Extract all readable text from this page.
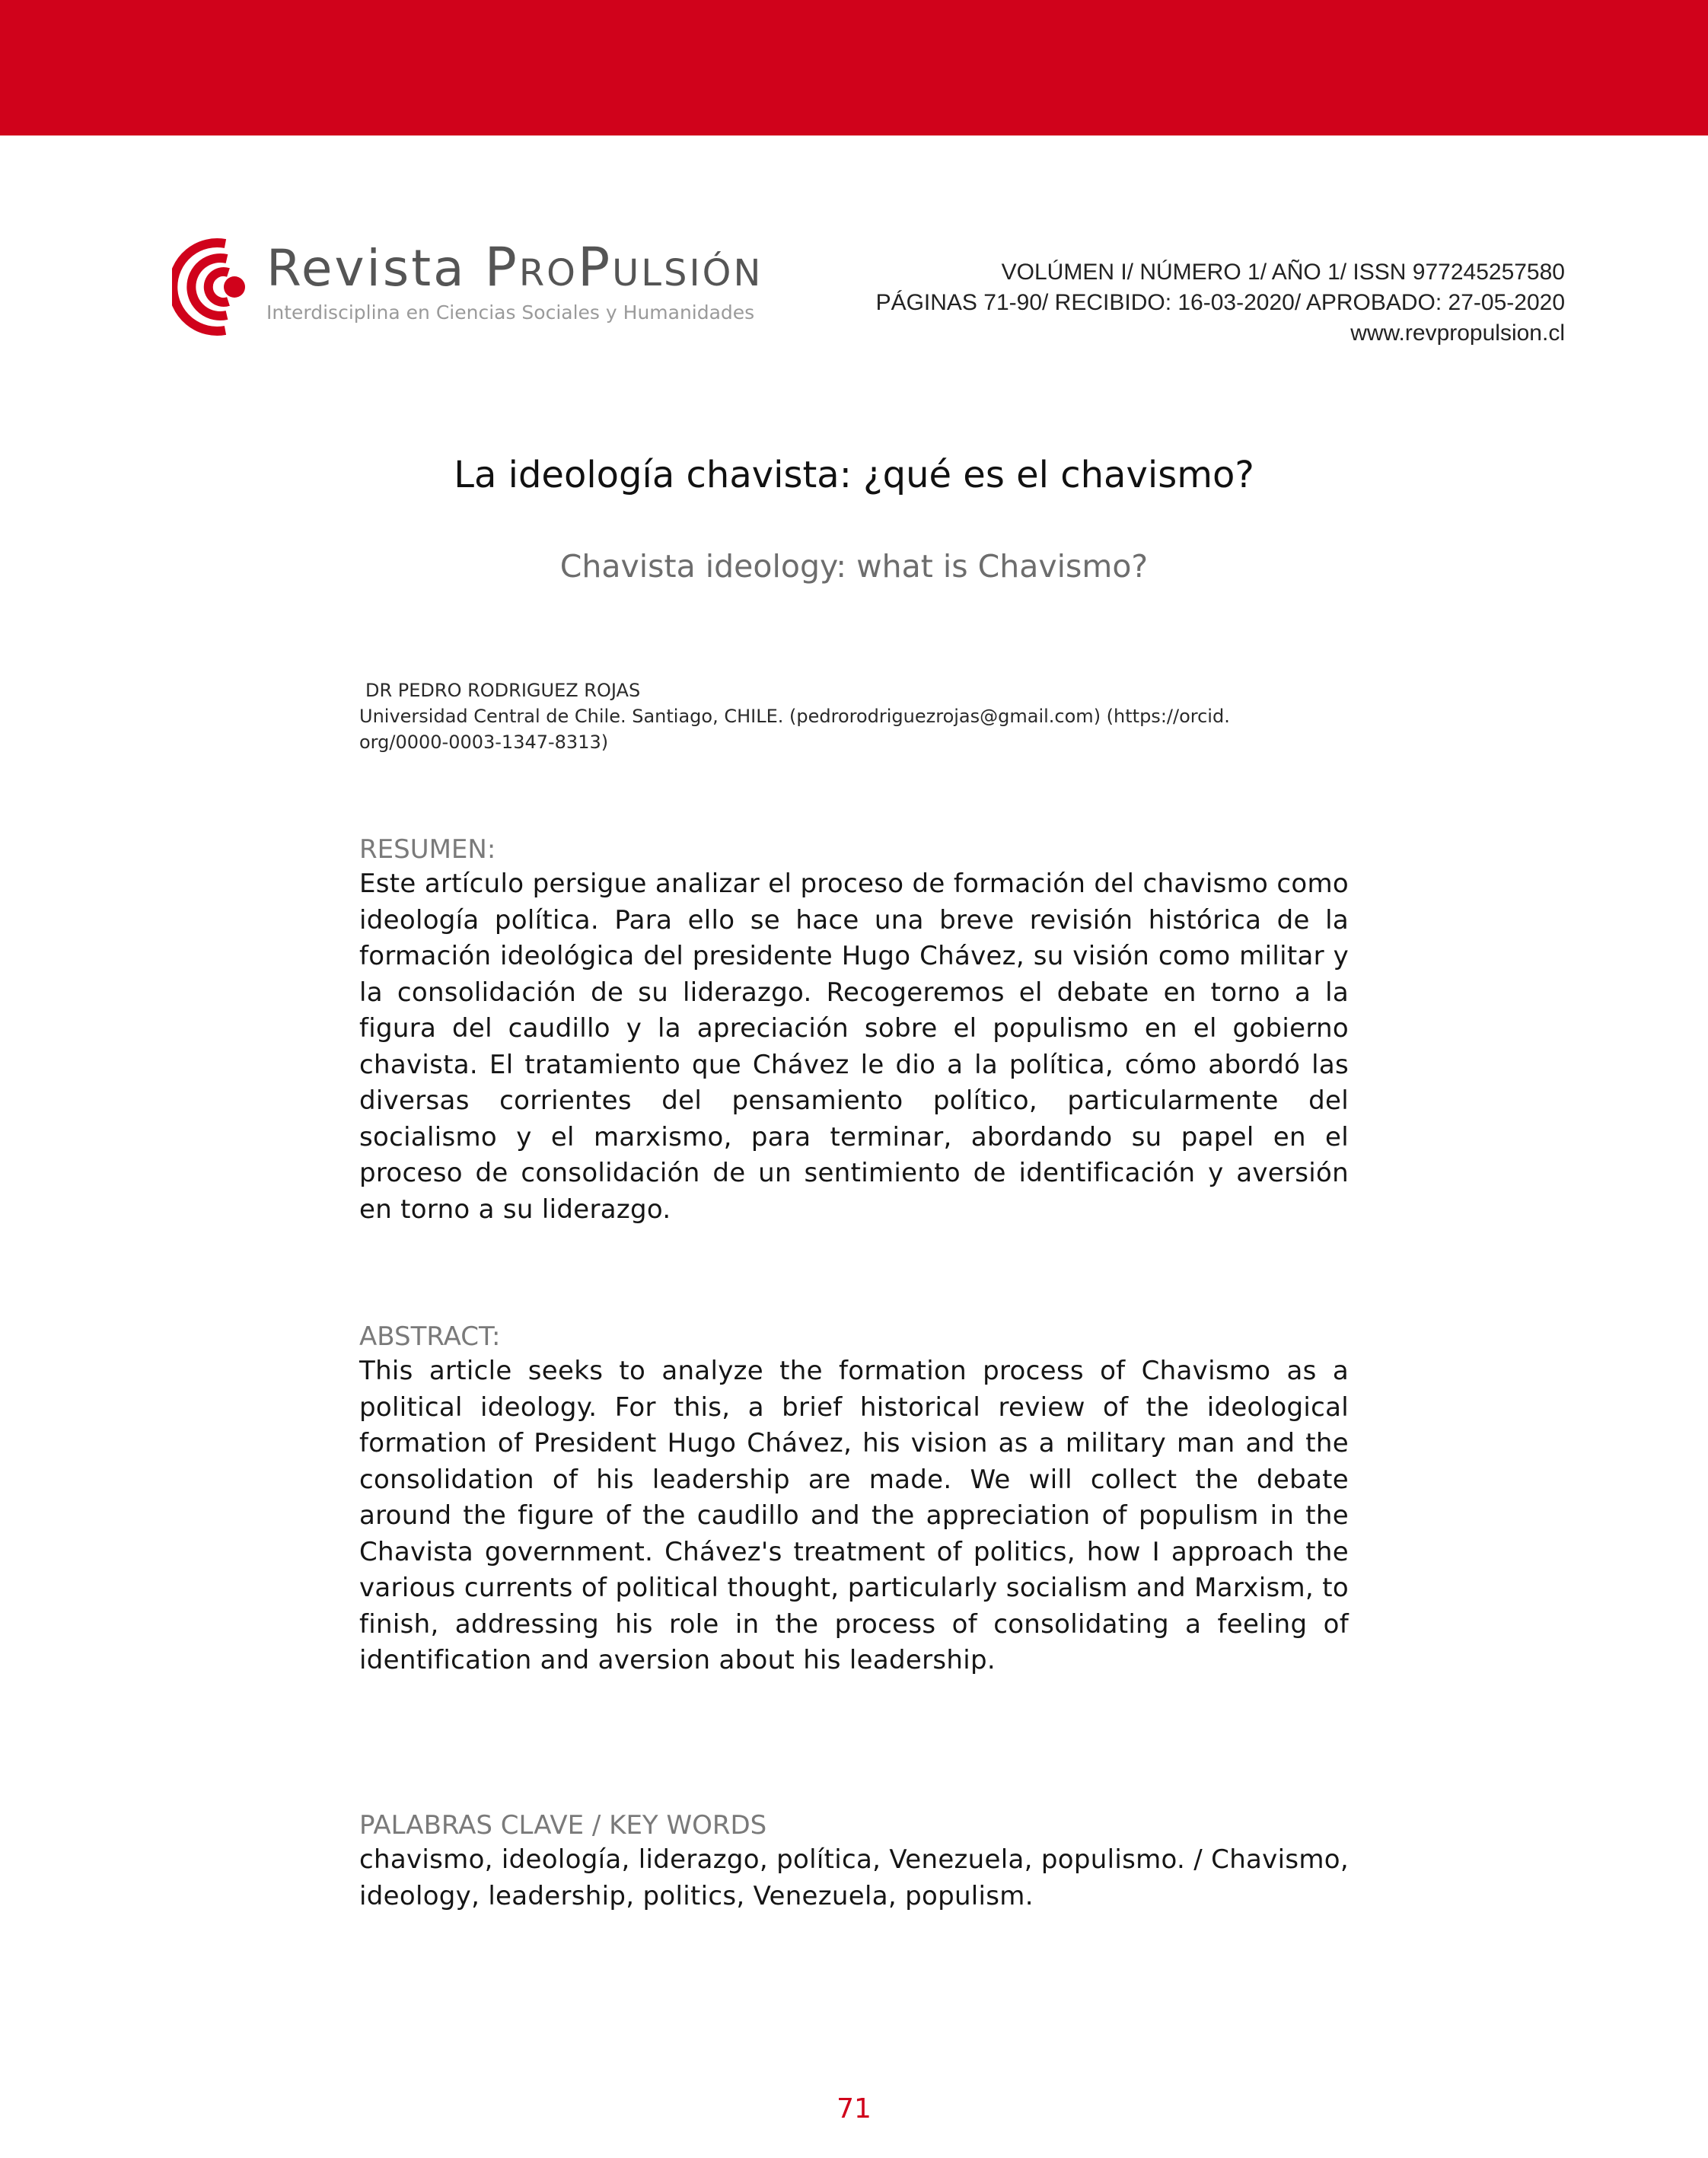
Revista PROPULSIÓN
Interdisciplina en Ciencias Sociales y Humanidades
VOLÚMEN I/ NÚMERO 1/ AÑO 1/ ISSN 977245257580
PÁGINAS 71-90/ RECIBIDO: 16-03-2020/ APROBADO: 27-05-2020
www.revpropulsion.cl
La ideología chavista: ¿qué es el chavismo?
Chavista ideology: what is Chavismo?
DR PEDRO RODRIGUEZ ROJAS
Universidad Central de Chile. Santiago, CHILE. (pedrorodriguezrojas@gmail.com) (https://orcid.
org/0000-0003-1347-8313)
RESUMEN:
Este artículo persigue analizar el proceso de formación del chavismo como ideología política. Para ello se hace una breve revisión histórica de la formación ideológica del presidente Hugo Chávez, su visión como militar y la consolidación de su liderazgo. Recogeremos el debate en torno a la figura del caudillo y la apreciación sobre el populismo en el gobierno chavista. El tratamiento que Chávez le dio a la política, cómo abordó las diversas corrientes del pensamiento político, particularmente del socialismo y el marxismo, para terminar, abordando su papel en el proceso de consolidación de un sentimiento de identificación y aversión en torno a su liderazgo.
ABSTRACT:
This article seeks to analyze the formation process of Chavismo as a political ideology. For this, a brief historical review of the ideological formation of President Hugo Chávez, his vision as a military man and the consolidation of his leadership are made. We will collect the debate around the figure of the caudillo and the appreciation of populism in the Chavista government. Chávez's treatment of politics, how I approach the various currents of political thought, particularly socialism and Marxism, to finish, addressing his role in the process of consolidating a feeling of identification and aversion about his leadership.
PALABRAS CLAVE / KEY WORDS
chavismo, ideología, liderazgo, política, Venezuela, populismo. / Chavismo, ideology, leadership, politics, Venezuela, populism.
71
